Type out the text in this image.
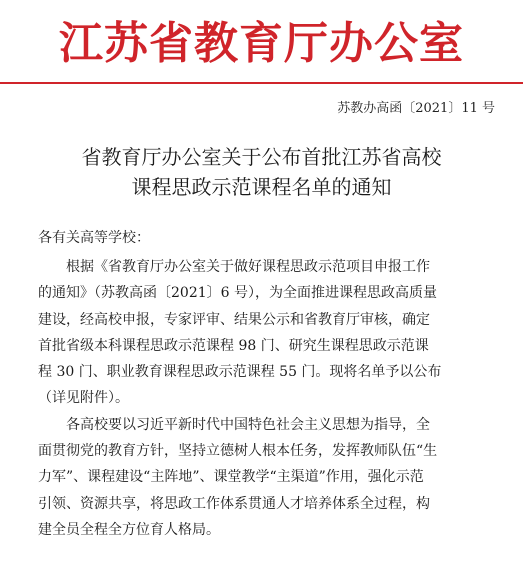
江苏省教育厅办公室
苏教办高函〔2021〕11 号
省教育厅办公室关于公布首批江苏省高校
课程思政示范课程名单的通知
各有关高等学校：
根据《省教育厅办公室关于做好课程思政示范项目申报工作
的通知》（苏教高函〔2021〕6 号），为全面推进课程思政高质量
建设，经高校申报，专家评审、结果公示和省教育厅审核，确定
首批省级本科课程思政示范课程 98 门、研究生课程思政示范课
程 30 门、职业教育课程思政示范课程 55 门。现将名单予以公布
（详见附件）。
各高校要以习近平新时代中国特色社会主义思想为指导，全
面贯彻党的教育方针，坚持立德树人根本任务，发挥教师队伍“生
力军”、课程建设“主阵地”、课堂教学“主渠道”作用，强化示范
引领、资源共享，将思政工作体系贯通人才培养体系全过程，构
建全员全程全方位育人格局。
